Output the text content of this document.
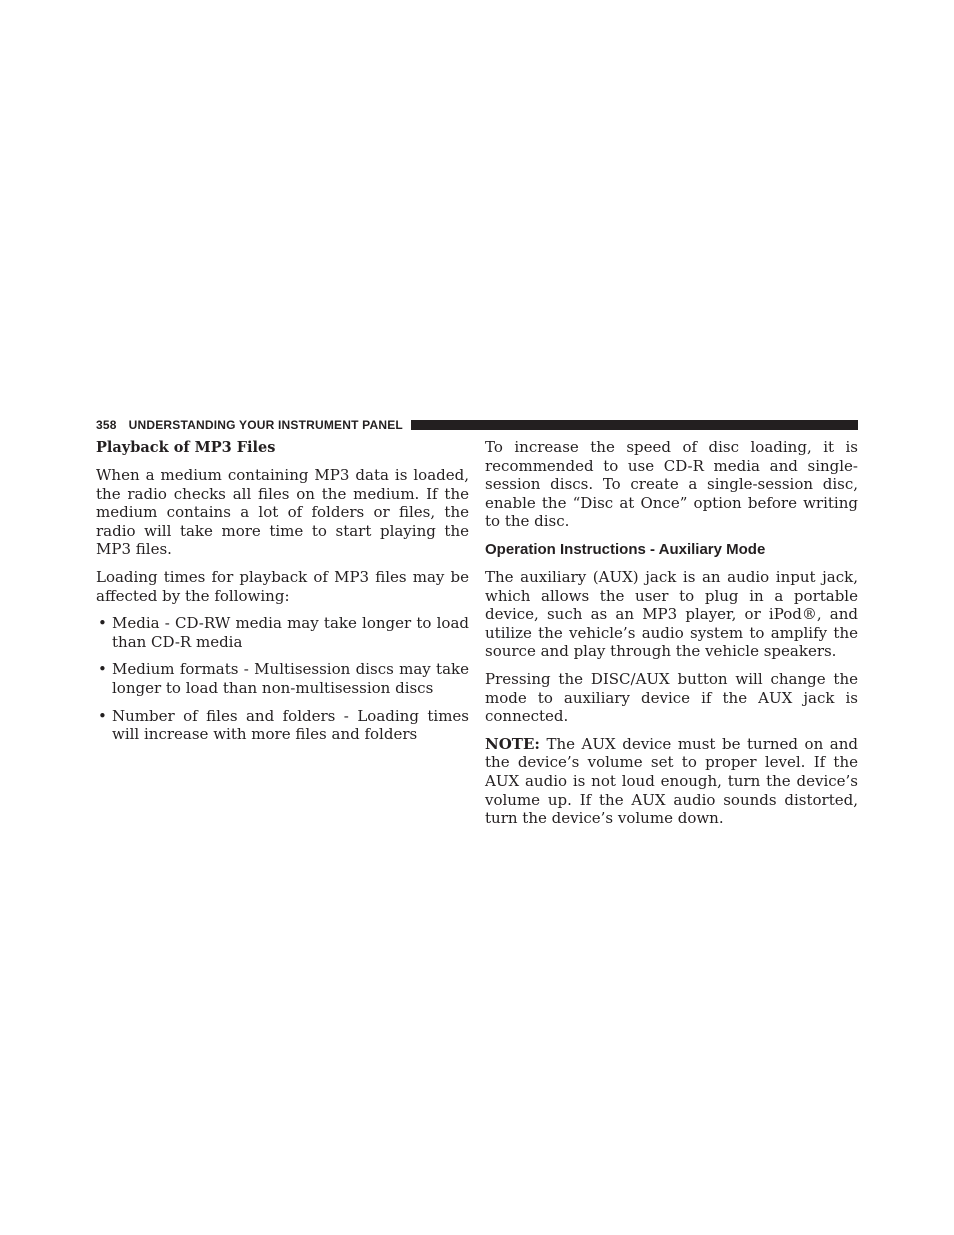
358 UNDERSTANDING YOUR INSTRUMENT PANEL
Playback of MP3 Files

When a medium containing MP3 data is loaded, the radio checks all files on the medium. If the medium contains a lot of folders or files, the radio will take more time to start playing the MP3 files.

Loading times for playback of MP3 files may be affected by the following:

• Media - CD-RW media may take longer to load than CD-R media
• Medium formats - Multisession discs may take longer to load than non-multisession discs
• Number of files and folders - Loading times will increase with more files and folders

To increase the speed of disc loading, it is recommended to use CD-R media and single-session discs. To create a single-session disc, enable the “Disc at Once” option before writing to the disc.

Operation Instructions - Auxiliary Mode

The auxiliary (AUX) jack is an audio input jack, which allows the user to plug in a portable device, such as an MP3 player, or iPod®, and utilize the vehicle’s audio system to amplify the source and play through the vehicle speakers.

Pressing the DISC/AUX button will change the mode to auxiliary device if the AUX jack is connected.

NOTE: The AUX device must be turned on and the device’s volume set to proper level. If the AUX audio is not loud enough, turn the device’s volume up. If the AUX audio sounds distorted, turn the device’s volume down.
